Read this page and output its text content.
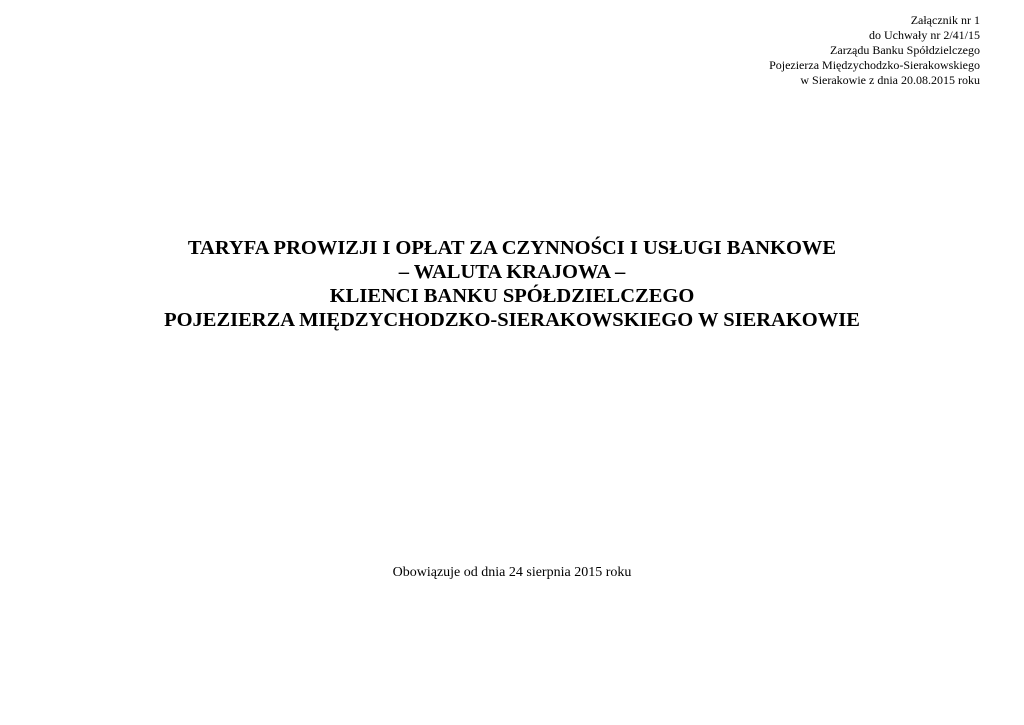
Załącznik nr 1
do Uchwały nr 2/41/15
Zarządu Banku Spółdzielczego
Pojezierza Międzychodzko-Sierakowskiego
w Sierakowie z dnia 20.08.2015 roku
TARYFA PROWIZJI I OPŁAT ZA CZYNNOŚCI I USŁUGI BANKOWE
– WALUTA KRAJOWA –
KLIENCI BANKU SPÓŁDZIELCZEGO
POJEZIERZA MIĘDZYCHODZKO-SIERAKOWSKIEGO W SIERAKOWIE
Obowiązuje od dnia 24 sierpnia 2015 roku
